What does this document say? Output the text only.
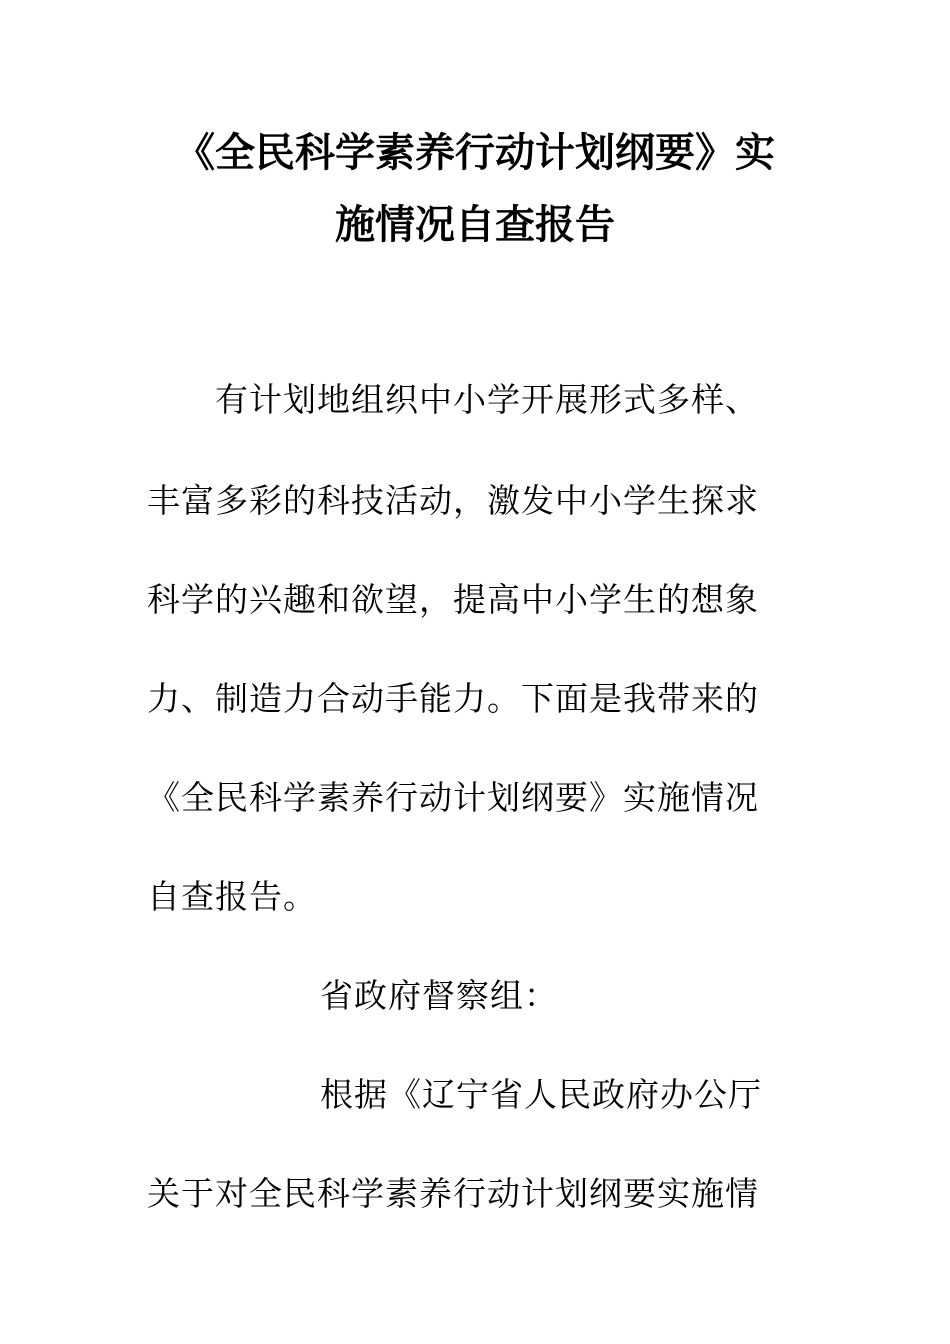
《全民科学素养行动计划纲要》实
施情况自查报告
有计划地组织中小学开展形式多样、
丰富多彩的科技活动，激发中小学生探求
科学的兴趣和欲望，提高中小学生的想象
力、制造力合动手能力。下面是我带来的
《全民科学素养行动计划纲要》实施情况
自查报告。
省政府督察组：
根据《辽宁省人民政府办公厅
关于对全民科学素养行动计划纲要实施情
